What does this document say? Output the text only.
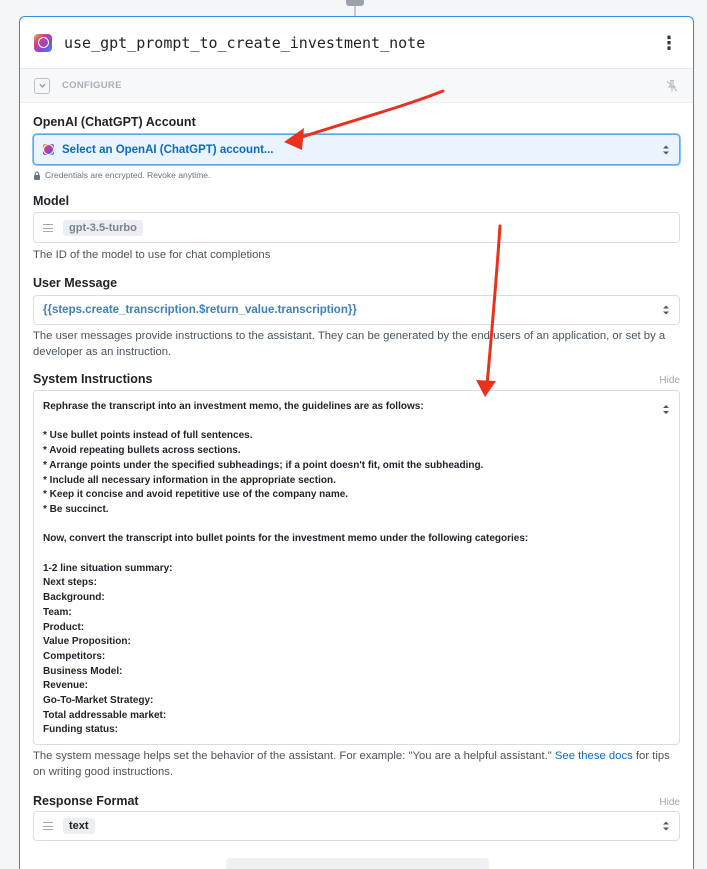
use_gpt_prompt_to_create_investment_note	⋮
CONFIGURE
OpenAI (ChatGPT) Account
Select an OpenAI (ChatGPT) account...
Credentials are encrypted. Revoke anytime.
Model
gpt-3.5-turbo
The ID of the model to use for chat completions
User Message
{{steps.create_transcription.$return_value.transcription}}
The user messages provide instructions to the assistant. They can be generated by the end users of an application, or set by a developer as an instruction.
System Instructions	Hide
Rephrase the transcript into an investment memo, the guidelines are as follows:
* Use bullet points instead of full sentences.
* Avoid repeating bullets across sections.
* Arrange points under the specified subheadings; if a point doesn't fit, omit the subheading.
* Include all necessary information in the appropriate section.
* Keep it concise and avoid repetitive use of the company name.
* Be succinct.
Now, convert the transcript into bullet points for the investment memo under the following categories:
1-2 line situation summary:
Next steps:
Background:
Team:
Product:
Value Proposition:
Competitors:
Business Model:
Revenue:
Go-To-Market Strategy:
Total addressable market:
Funding status:
The system message helps set the behavior of the assistant. For example: "You are a helpful assistant." See these docs for tips on writing good instructions.
Response Format	Hide
text
